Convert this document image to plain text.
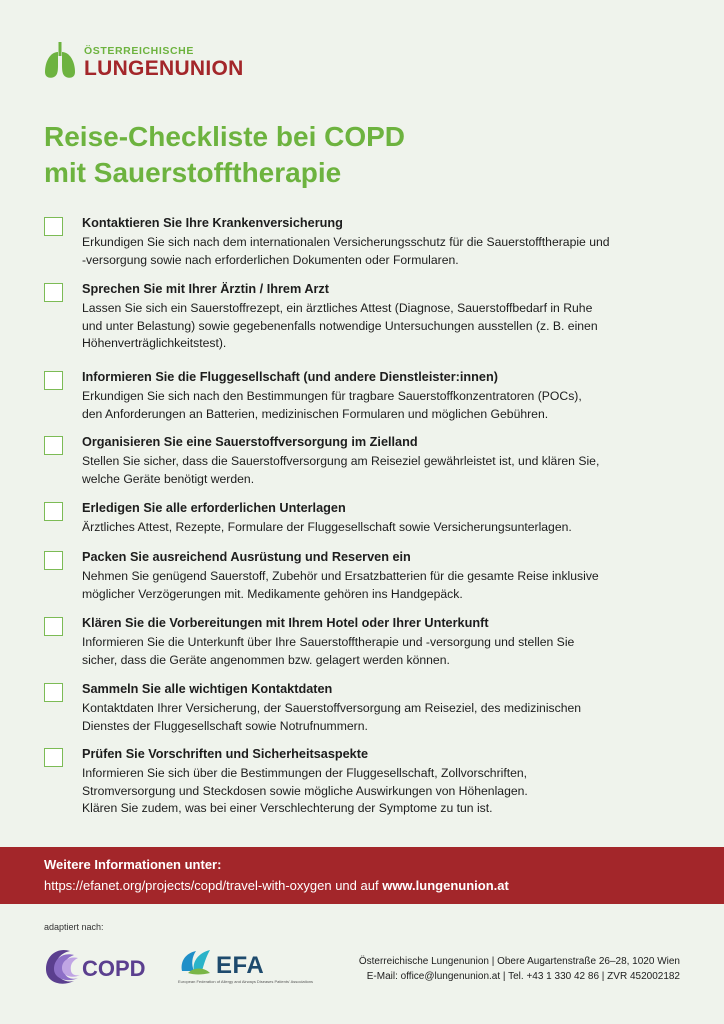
ÖSTERREICHISCHE
LUNGENUNION
Reise-Checkliste bei COPD
mit Sauerstofftherapie
Kontaktieren Sie Ihre Krankenversicherung
Erkundigen Sie sich nach dem internationalen Versicherungsschutz für die Sauerstofftherapie und
-versorgung sowie nach erforderlichen Dokumenten oder Formularen.
Sprechen Sie mit Ihrer Ärztin / Ihrem Arzt
Lassen Sie sich ein Sauerstoffrezept, ein ärztliches Attest (Diagnose, Sauerstoffbedarf in Ruhe
und unter Belastung) sowie gegebenenfalls notwendige Untersuchungen ausstellen (z. B. einen
Höhenverträglichkeitstest).
Informieren Sie die Fluggesellschaft (und andere Dienstleister:innen)
Erkundigen Sie sich nach den Bestimmungen für tragbare Sauerstoffkonzentratoren (POCs),
den Anforderungen an Batterien, medizinischen Formularen und möglichen Gebühren.
Organisieren Sie eine Sauerstoffversorgung im Zielland
Stellen Sie sicher, dass die Sauerstoffversorgung am Reiseziel gewährleistet ist, und klären Sie,
welche Geräte benötigt werden.
Erledigen Sie alle erforderlichen Unterlagen
Ärztliches Attest, Rezepte, Formulare der Fluggesellschaft sowie Versicherungsunterlagen.
Packen Sie ausreichend Ausrüstung und Reserven ein
Nehmen Sie genügend Sauerstoff, Zubehör und Ersatzbatterien für die gesamte Reise inklusive
möglicher Verzögerungen mit. Medikamente gehören ins Handgepäck.
Klären Sie die Vorbereitungen mit Ihrem Hotel oder Ihrer Unterkunft
Informieren Sie die Unterkunft über Ihre Sauerstofftherapie und -versorgung und stellen Sie
sicher, dass die Geräte angenommen bzw. gelagert werden können.
Sammeln Sie alle wichtigen Kontaktdaten
Kontaktdaten Ihrer Versicherung, der Sauerstoffversorgung am Reiseziel, des medizinischen
Dienstes der Fluggesellschaft sowie Notrufnummern.
Prüfen Sie Vorschriften und Sicherheitsaspekte
Informieren Sie sich über die Bestimmungen der Fluggesellschaft, Zollvorschriften,
Stromversorgung und Steckdosen sowie mögliche Auswirkungen von Höhenlagen.
Klären Sie zudem, was bei einer Verschlechterung der Symptome zu tun ist.
Weitere Informationen unter:
https://efanet.org/projects/copd/travel-with-oxygen und auf www.lungenunion.at
adaptiert nach:
COPD	EFA
European Federation of Allergy and Airways Diseases Patients' Associations
Österreichische Lungenunion | Obere Augartenstraße 26–28, 1020 Wien
E-Mail: office@lungenunion.at | Tel. +43 1 330 42 86 | ZVR 452002182
